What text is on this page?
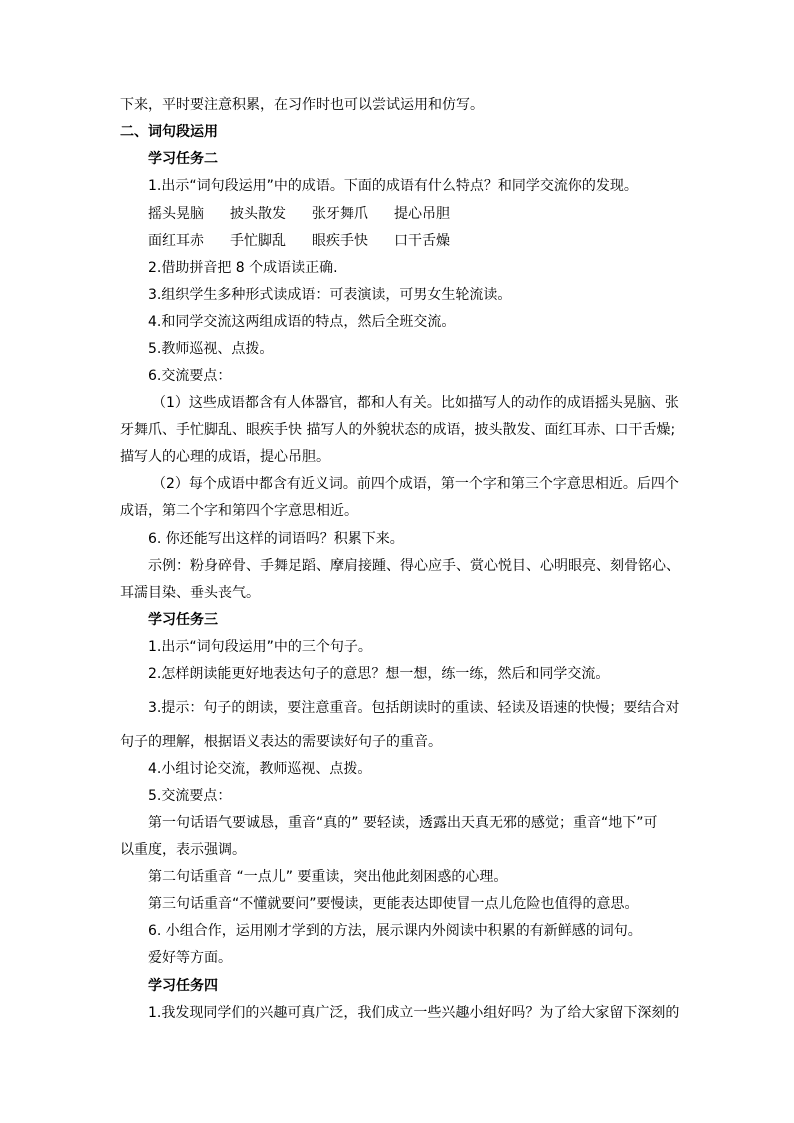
下来，平时要注意积累，在习作时也可以尝试运用和仿写。
二、词句段运用
学习任务二
1.出示“词句段运用”中的成语。下面的成语有什么特点？和同学交流你的发现。
摇头晃脑 披头散发 张牙舞爪 提心吊胆
面红耳赤 手忙脚乱 眼疾手快 口干舌燥
2.借助拼音把 8 个成语读正确.
3.组织学生多种形式读成语：可表演读，可男女生轮流读。
4.和同学交流这两组成语的特点，然后全班交流。
5.教师巡视、点拨。
6.交流要点：
（1）这些成语都含有人体器官，都和人有关。比如描写人的动作的成语摇头晃脑、张
牙舞爪、手忙脚乱、眼疾手快 描写人的外貌状态的成语，披头散发、面红耳赤、口干舌燥;
描写人的心理的成语，提心吊胆。
（2）每个成语中都含有近义词。前四个成语，第一个字和第三个字意思相近。后四个
成语，第二个字和第四个字意思相近。
6. 你还能写出这样的词语吗？积累下来。
示例：粉身碎骨、手舞足蹈、摩肩接踵、得心应手、赏心悦目、心明眼亮、刻骨铭心、
耳濡目染、垂头丧气。
学习任务三
1.出示“词句段运用”中的三个句子。
2.怎样朗读能更好地表达句子的意思？想一想，练一练，然后和同学交流。
3.提示：句子的朗读，要注意重音。包括朗读时的重读、轻读及语速的快慢；要结合对
句子的理解，根据语义表达的需要读好句子的重音。
4.小组讨论交流，教师巡视、点拨。
5.交流要点：
第一句话语气要诚恳，重音“真的” 要轻读，透露出天真无邪的感觉；重音“地下”可
以重度，表示强调。
第二句话重音 “一点儿” 要重读，突出他此刻困惑的心理。
第三句话重音“不懂就要问”要慢读，更能表达即使冒一点儿危险也值得的意思。
6. 小组合作，运用刚才学到的方法，展示课内外阅读中积累的有新鲜感的词句。
爱好等方面。
学习任务四
1.我发现同学们的兴趣可真广泛，我们成立一些兴趣小组好吗？为了给大家留下深刻的
